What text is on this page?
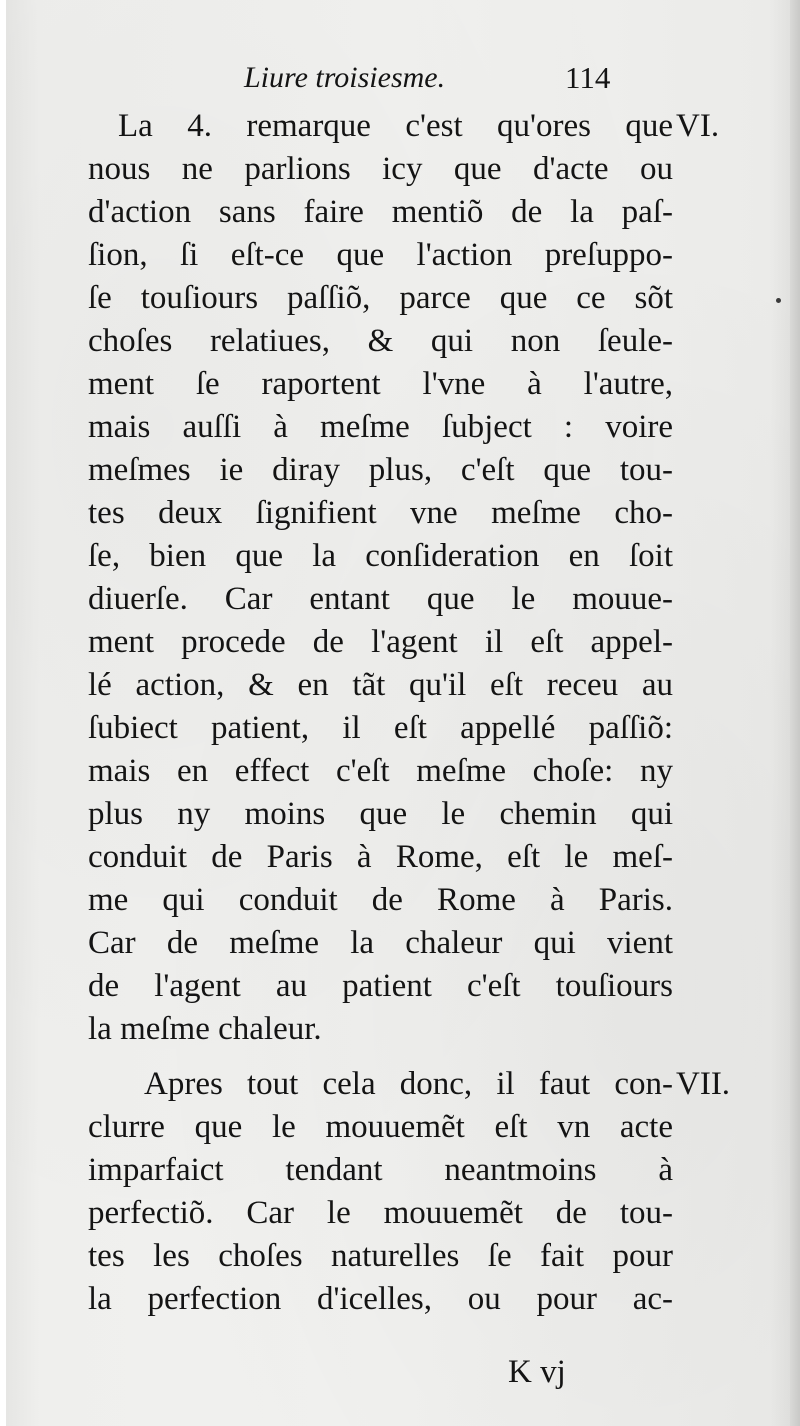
Liure troisiesme.	114
La 4. remarque c'est qu'ores que
nous ne parlions icy que d'acte ou
d'action sans faire mentiõ de la paſ-
ſion, ſi eſt-ce que l'action preſuppo-
ſe touſiours paſſiõ, parce que ce sõt
choſes relatiues, & qui non ſeule-
ment ſe raportent l'vne à l'autre,
mais auſſi à meſme ſubject : voire
meſmes ie diray plus, c'eſt que tou-
tes deux ſignifient vne meſme cho-
ſe, bien que la conſideration en ſoit
diuerſe. Car entant que le mouue-
ment procede de l'agent il eſt appel-
lé action, & en tãt qu'il eſt receu au
ſubiect patient, il eſt appellé paſſiõ:
mais en effect c'eſt meſme choſe: ny
plus ny moins que le chemin qui
conduit de Paris à Rome, eſt le meſ-
me qui conduit de Rome à Paris.
Car de meſme la chaleur qui vient
de l'agent au patient c'eſt touſiours
la meſme chaleur.
Apres tout cela donc, il faut con-
clurre que le mouuemẽt eſt vn acte
imparfaict tendant neantmoins à
perfectiõ. Car le mouuemẽt de tou-
tes les choſes naturelles ſe fait pour
la perfection d'icelles, ou pour ac-
VI.
VII.
K vj
